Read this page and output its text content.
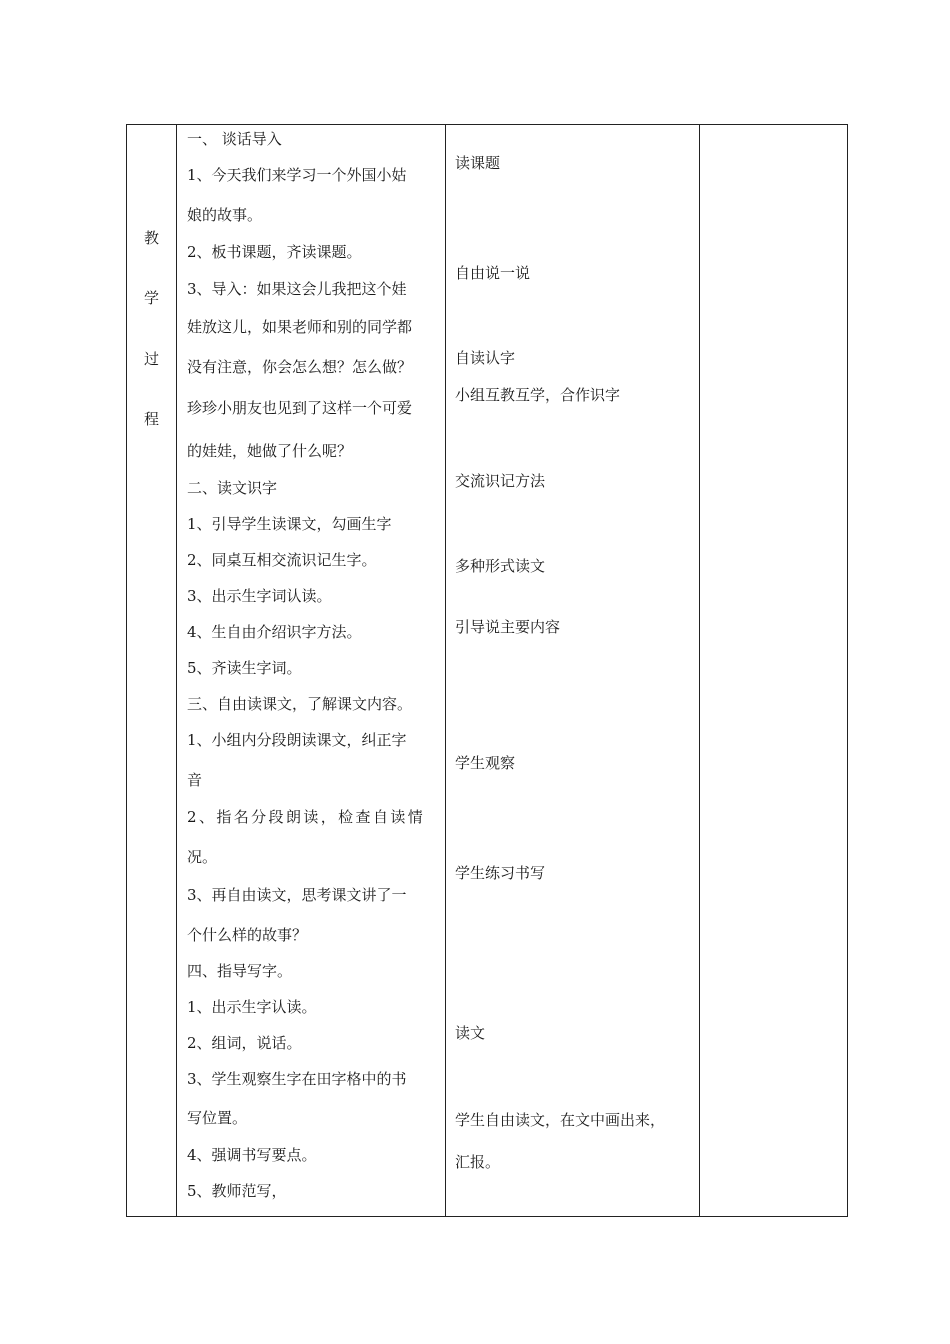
教
学
过
程
一、 谈话导入
1、今天我们来学习一个外国小姑
娘的故事。
2、板书课题，齐读课题。
3、导入：如果这会儿我把这个娃
娃放这儿，如果老师和别的同学都
没有注意，你会怎么想？怎么做？
珍珍小朋友也见到了这样一个可爱
的娃娃，她做了什么呢？
二、读文识字
1、引导学生读课文，勾画生字
2、同桌互相交流识记生字。
3、出示生字词认读。
4、生自由介绍识字方法。
5、齐读生字词。
三、自由读课文，了解课文内容。
1、小组内分段朗读课文，纠正字
音
2、指名分段朗读，检查自读情
况。
3、再自由读文，思考课文讲了一
个什么样的故事？
四、指导写字。
1、出示生字认读。
2、组词，说话。
3、学生观察生字在田字格中的书
写位置。
4、强调书写要点。
5、教师范写，
读课题
自由说一说
自读认字
小组互教互学，合作识字
交流识记方法
多种形式读文
引导说主要内容
学生观察
学生练习书写
读文
学生自由读文，在文中画出来，
汇报。
